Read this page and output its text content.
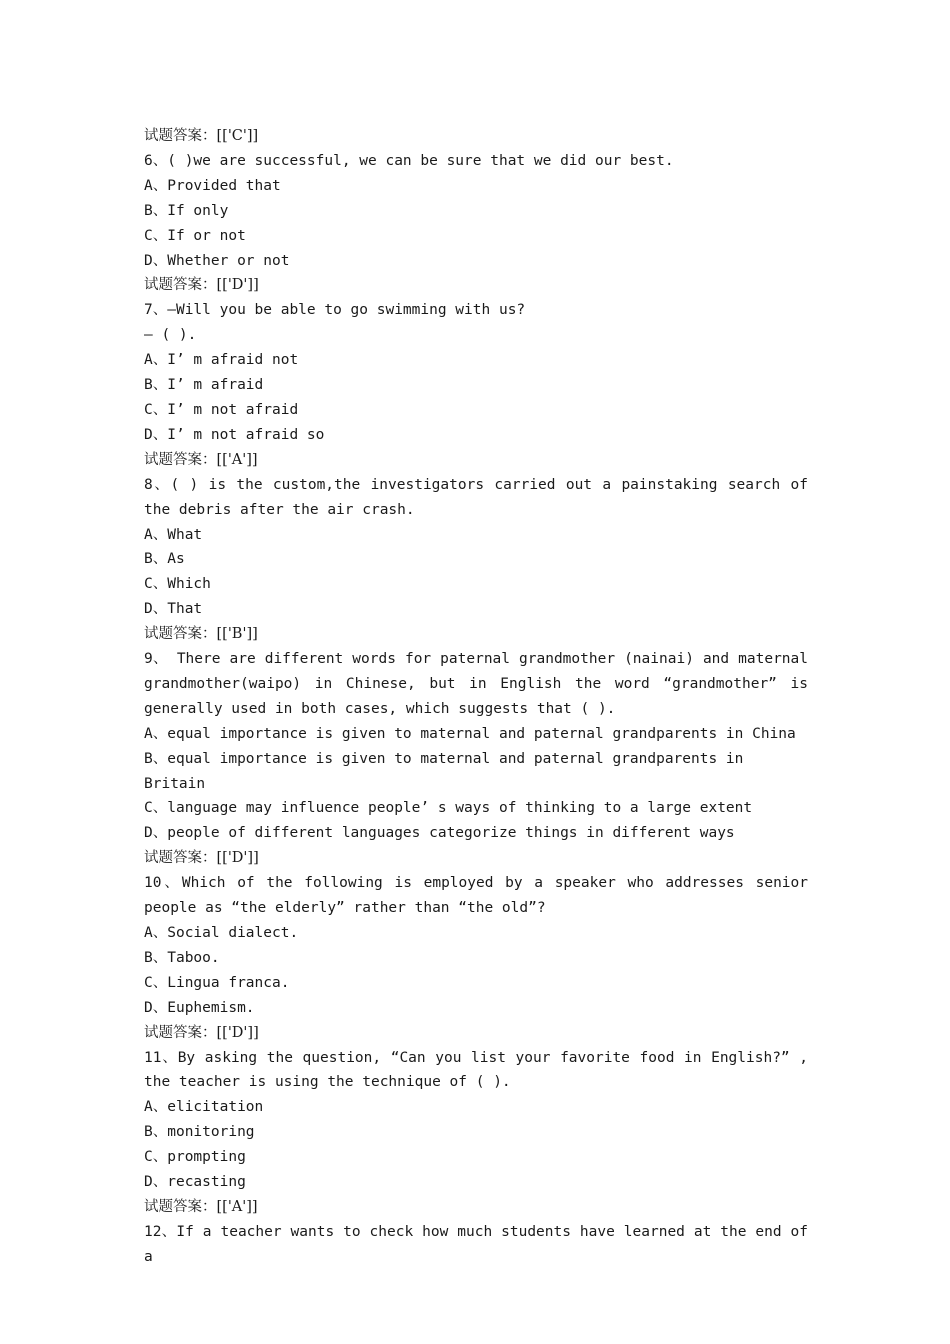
试题答案：[['C']]

6、( )we are successful, we can be sure that we did our best.

A、Provided that

B、If only

C、If or not

D、Whether or not

试题答案：[['D']]

7、—Will you be able to go swimming with us?

— ( ).

A、I’ m afraid not

B、I’ m afraid

C、I’ m not afraid

D、I’ m not afraid so

试题答案：[['A']]

8、( ) is the custom,the investigators carried out a painstaking search of the debris after the air crash.

A、What

B、As

C、Which

D、That

试题答案：[['B']]

9、 There are different words for paternal grandmother (nainai) and maternal grandmother(waipo) in Chinese, but in English the word “grandmother” is generally used in both cases, which suggests that ( ).

A、equal importance is given to maternal and paternal grandparents in China

B、equal importance is given to maternal and paternal grandparents in Britain

C、language may influence people’ s ways of thinking to a large extent

D、people of different languages categorize things in different ways

试题答案：[['D']]

10、Which of the following is employed by a speaker who addresses senior people as “the elderly” rather than “the old”?

A、Social dialect.

B、Taboo.

C、Lingua franca.

D、Euphemism.

试题答案：[['D']]

11、By asking the question, “Can you list your favorite food in English?” , the teacher is using the technique of ( ).

A、elicitation

B、monitoring

C、prompting

D、recasting

试题答案：[['A']]

12、If a teacher wants to check how much students have learned at the end of a
